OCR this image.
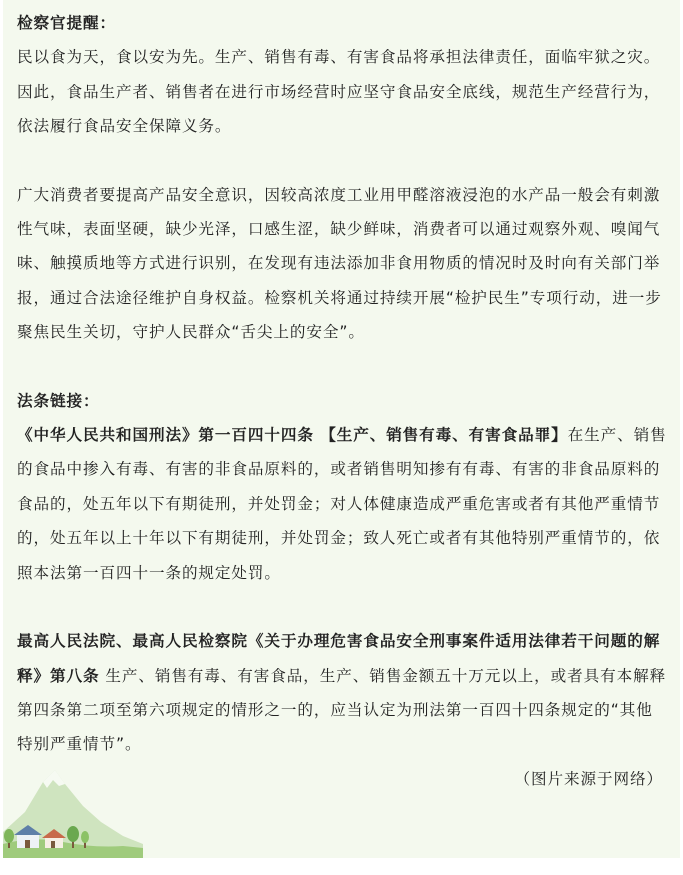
检察官提醒：

民以食为天，食以安为先。生产、销售有毒、有害食品将承担法律责任，面临牢狱之灾。因此，食品生产者、销售者在进行市场经营时应坚守食品安全底线，规范生产经营行为，依法履行食品安全保障义务。

广大消费者要提高产品安全意识，因较高浓度工业用甲醛溶液浸泡的水产品一般会有刺激性气味，表面坚硬，缺少光泽，口感生涩，缺少鲜味，消费者可以通过观察外观、嗅闻气味、触摸质地等方式进行识别，在发现有违法添加非食用物质的情况时及时向有关部门举报，通过合法途径维护自身权益。检察机关将通过持续开展“检护民生”专项行动，进一步聚焦民生关切，守护人民群众“舌尖上的安全”。

法条链接：

《中华人民共和国刑法》第一百四十四条 【生产、销售有毒、有害食品罪】在生产、销售的食品中掺入有毒、有害的非食品原料的，或者销售明知掺有有毒、有害的非食品原料的食品的，处五年以下有期徒刑，并处罚金；对人体健康造成严重危害或者有其他严重情节的，处五年以上十年以下有期徒刑，并处罚金；致人死亡或者有其他特别严重情节的，依照本法第一百四十一条的规定处罚。

最高人民法院、最高人民检察院《关于办理危害食品安全刑事案件适用法律若干问题的解释》第八条 生产、销售有毒、有害食品，生产、销售金额五十万元以上，或者具有本解释第四条第二项至第六项规定的情形之一的，应当认定为刑法第一百四十四条规定的“其他特别严重情节”。

（图片来源于网络）
